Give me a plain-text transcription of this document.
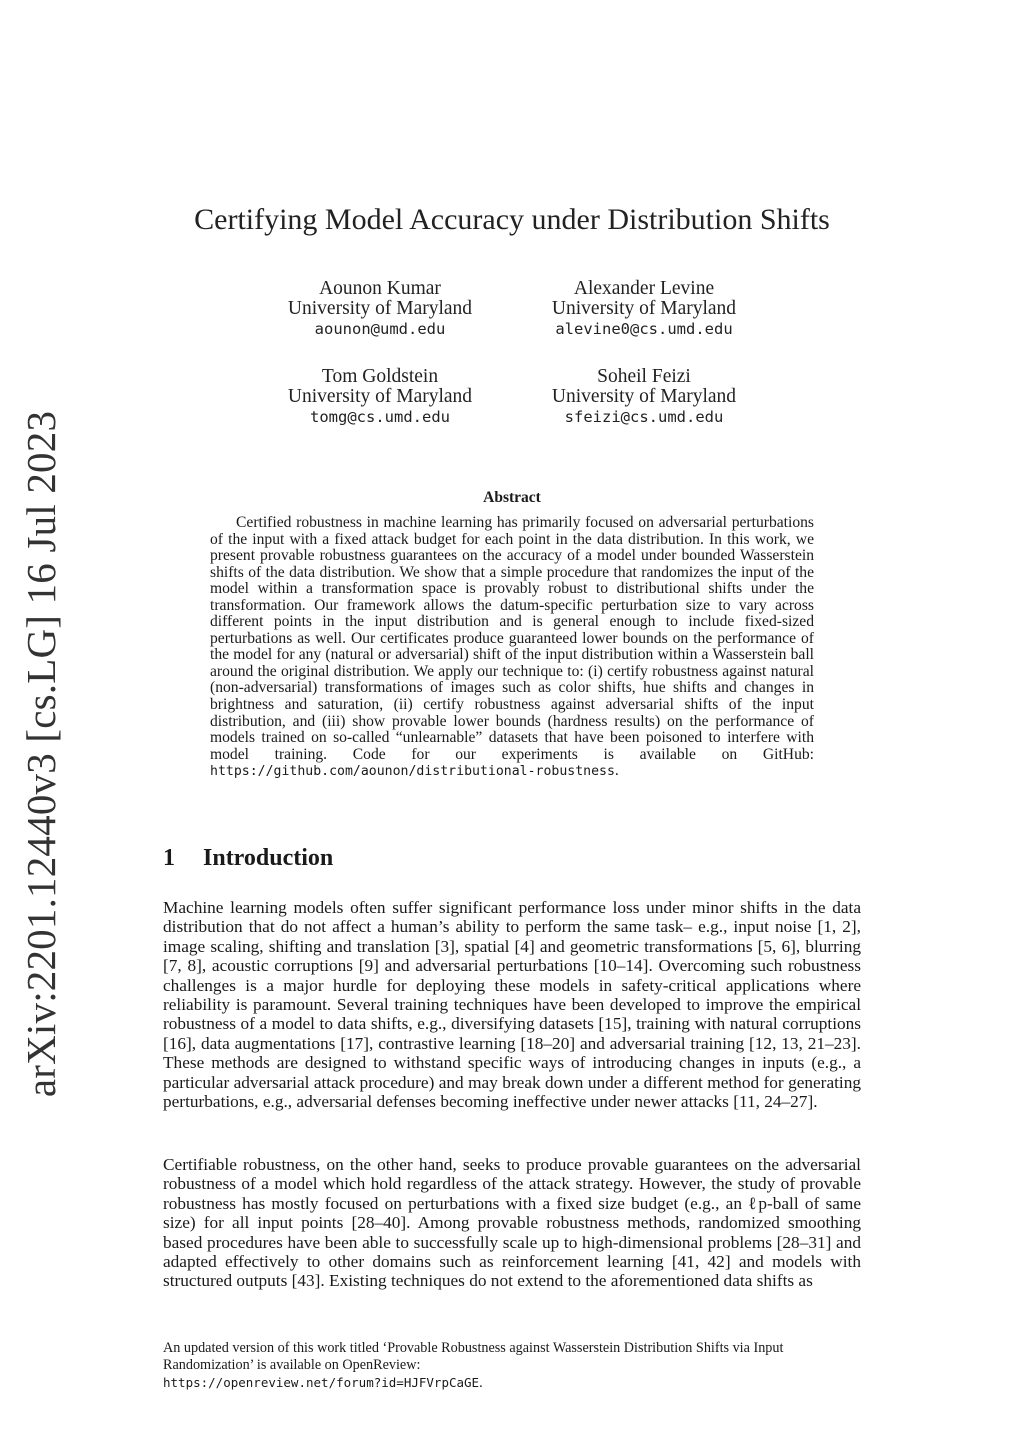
arXiv:2201.12440v3 [cs.LG] 16 Jul 2023
Certifying Model Accuracy under Distribution Shifts
Aounon Kumar
University of Maryland
aounon@umd.edu
Alexander Levine
University of Maryland
alevine0@cs.umd.edu
Tom Goldstein
University of Maryland
tomg@cs.umd.edu
Soheil Feizi
University of Maryland
sfeizi@cs.umd.edu
Abstract

Certified robustness in machine learning has primarily focused on adversarial perturbations of the input with a fixed attack budget for each point in the data distribution. In this work, we present provable robustness guarantees on the accuracy of a model under bounded Wasserstein shifts of the data distribution. We show that a simple procedure that randomizes the input of the model within a transformation space is provably robust to distributional shifts under the transformation. Our framework allows the datum-specific perturbation size to vary across different points in the input distribution and is general enough to include fixed-sized perturbations as well. Our certificates produce guaranteed lower bounds on the performance of the model for any (natural or adversarial) shift of the input distribution within a Wasserstein ball around the original distribution. We apply our technique to: (i) certify robustness against natural (non-adversarial) transformations of images such as color shifts, hue shifts and changes in brightness and saturation, (ii) certify robustness against adversarial shifts of the input distribution, and (iii) show provable lower bounds (hardness results) on the performance of models trained on so-called “unlearnable” datasets that have been poisoned to interfere with model training. Code for our experiments is available on GitHub: https://github.com/aounon/distributional-robustness.

1 Introduction

Machine learning models often suffer significant performance loss under minor shifts in the data distribution that do not affect a human’s ability to perform the same task– e.g., input noise [1, 2], image scaling, shifting and translation [3], spatial [4] and geometric transformations [5, 6], blurring [7, 8], acoustic corruptions [9] and adversarial perturbations [10–14]. Overcoming such robustness challenges is a major hurdle for deploying these models in safety-critical applications where reliability is paramount. Several training techniques have been developed to improve the empirical robustness of a model to data shifts, e.g., diversifying datasets [15], training with natural corruptions [16], data augmentations [17], contrastive learning [18–20] and adversarial training [12, 13, 21–23]. These methods are designed to withstand specific ways of introducing changes in inputs (e.g., a particular adversarial attack procedure) and may break down under a different method for generating perturbations, e.g., adversarial defenses becoming ineffective under newer attacks [11, 24–27].

Certifiable robustness, on the other hand, seeks to produce provable guarantees on the adversarial robustness of a model which hold regardless of the attack strategy. However, the study of provable robustness has mostly focused on perturbations with a fixed size budget (e.g., an ℓp-ball of same size) for all input points [28–40]. Among provable robustness methods, randomized smoothing based procedures have been able to successfully scale up to high-dimensional problems [28–31] and adapted effectively to other domains such as reinforcement learning [41, 42] and models with structured outputs [43]. Existing techniques do not extend to the aforementioned data shifts as

An updated version of this work titled ‘Provable Robustness against Wasserstein Distribution Shifts via Input Randomization’ is available on OpenReview:
https://openreview.net/forum?id=HJFVrpCaGE.
